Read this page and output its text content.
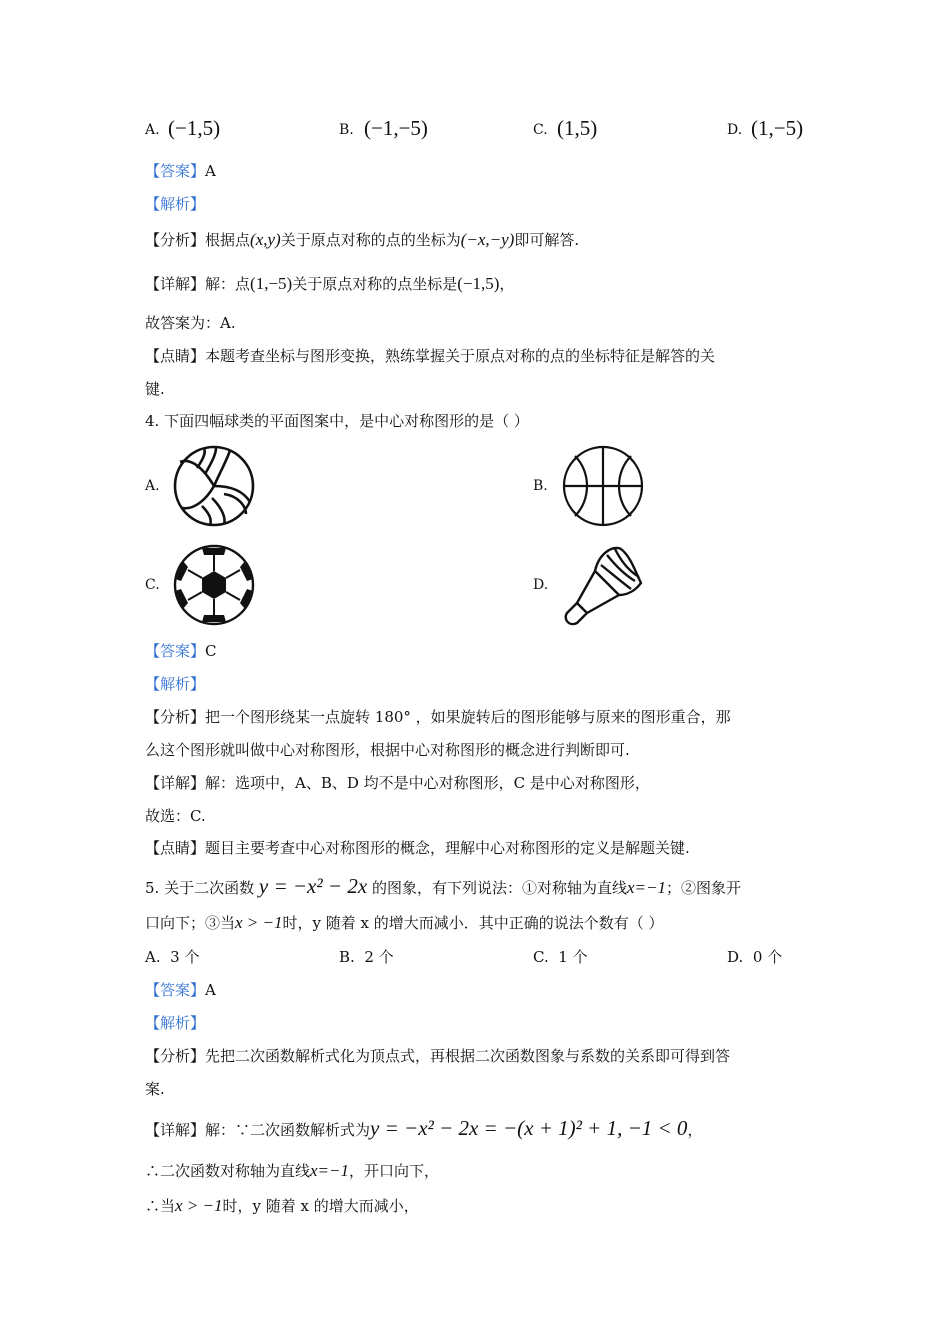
A. (−1,5)	B. (−1,−5)	C. (1,5)	D. (1,−5)
【答案】A
【解析】
【分析】根据点(x,y)关于原点对称的点的坐标为(−x,−y)即可解答.
【详解】解：点(1,−5)关于原点对称的点坐标是(−1,5)，
故答案为：A.
【点睛】本题考查坐标与图形变换，熟练掌握关于原点对称的点的坐标特征是解答的关
键.
4. 下面四幅球类的平面图案中，是中心对称图形的是（ ）
A.	B.
C.	D.
【答案】C
【解析】
【分析】把一个图形绕某一点旋转 180° ，如果旋转后的图形能够与原来的图形重合，那
么这个图形就叫做中心对称图形，根据中心对称图形的概念进行判断即可.
【详解】解：选项中，A、B、D 均不是中心对称图形，C 是中心对称图形，
故选：C.
【点睛】题目主要考查中心对称图形的概念，理解中心对称图形的定义是解题关键.
5. 关于二次函数 y = −x² − 2x 的图象，有下列说法：①对称轴为直线x=−1；②图象开
口向下；③当x > −1时，y 随着 x 的增大而减小．其中正确的说法个数有（ ）
A. 3 个	B. 2 个	C. 1 个	D. 0 个
【答案】A
【解析】
【分析】先把二次函数解析式化为顶点式，再根据二次函数图象与系数的关系即可得到答
案.
【详解】解：∵二次函数解析式为y = −x² − 2x = −(x + 1)² + 1, −1 < 0，
∴二次函数对称轴为直线x=−1，开口向下，
∴当x > −1时，y 随着 x 的增大而减小，
